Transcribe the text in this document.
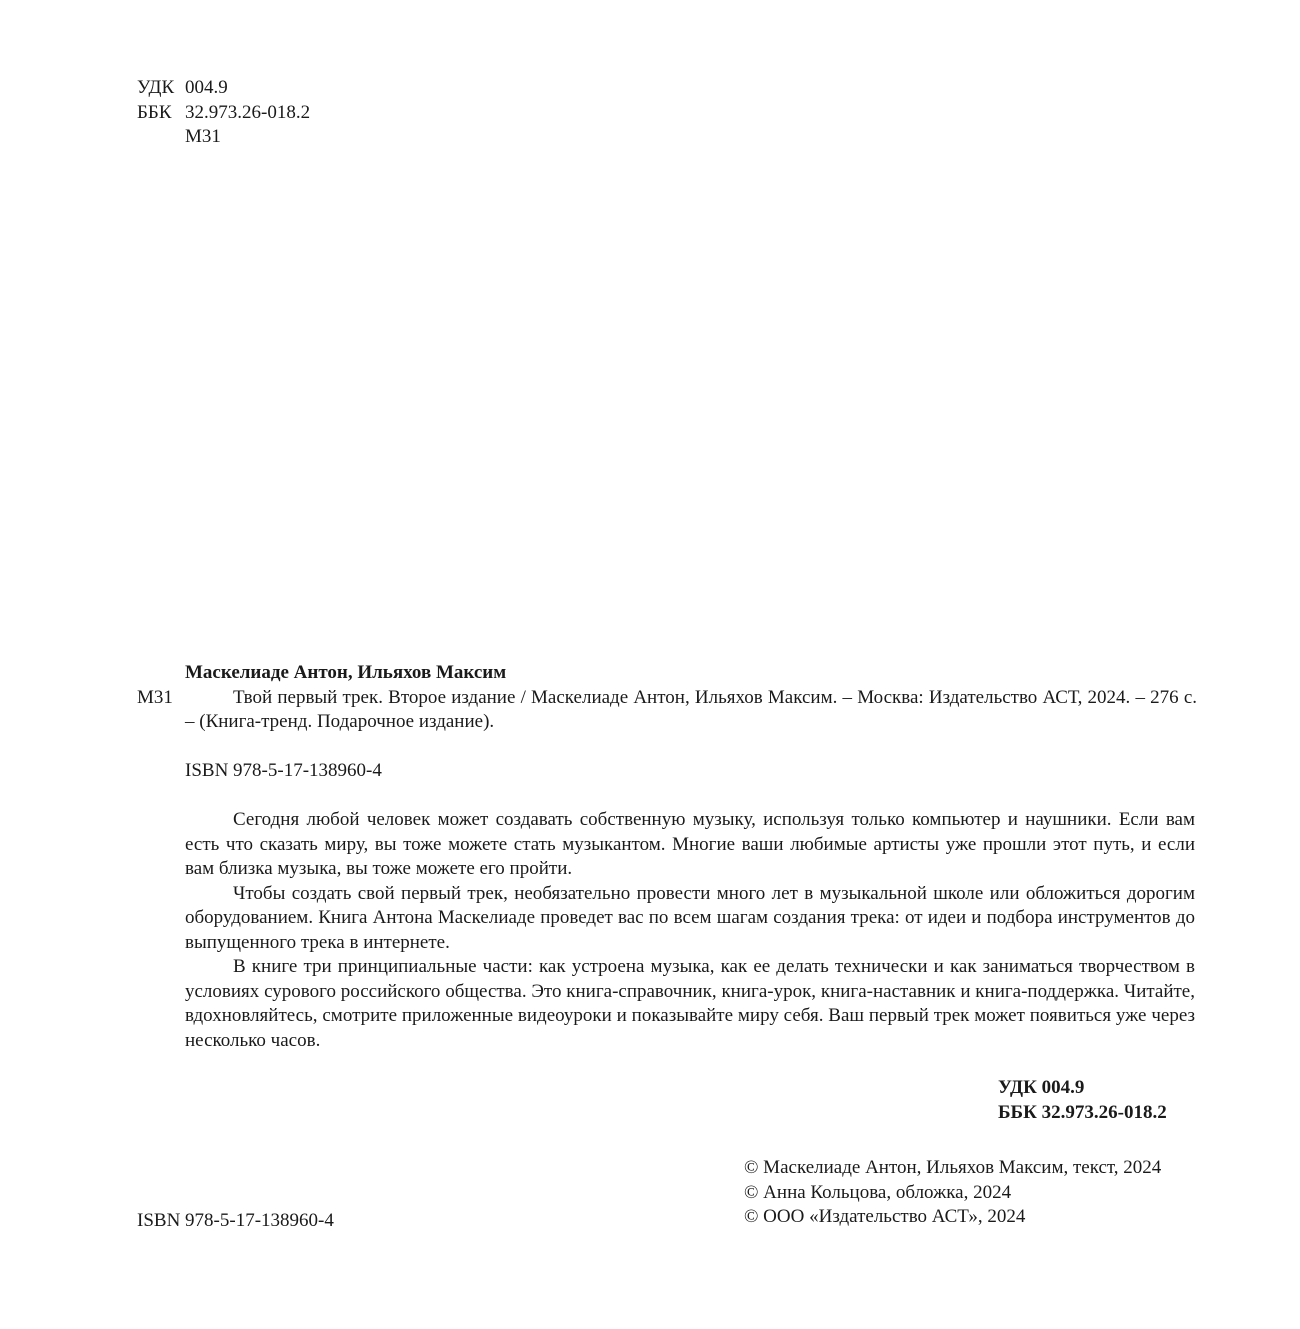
УДК 004.9
ББК 32.973.26-018.2
М31
Маскелиаде Антон, Ильяхов Максим
М31	Твой первый трек. Второе издание / Маскелиаде Антон, Ильяхов Максим. – Москва: Издательство АСТ, 2024. – 276 с. – (Книга-тренд. Подарочное издание).
ISBN 978-5-17-138960-4

Сегодня любой человек может создавать собственную музыку, используя только компьютер и наушники. Если вам есть что сказать миру, вы тоже можете стать музыкантом. Многие ваши любимые артисты уже прошли этот путь, и если вам близка музыка, вы тоже можете его пройти.

Чтобы создать свой первый трек, необязательно провести много лет в музыкальной школе или обложиться дорогим оборудованием. Книга Антона Маскелиаде проведет вас по всем шагам создания трека: от идеи и подбора инструментов до выпущенного трека в интернете.

В книге три принципиальные части: как устроена музыка, как ее делать технически и как заниматься творчеством в условиях сурового российского общества. Это книга-справочник, книга-урок, книга-наставник и книга-поддержка. Читайте, вдохновляйтесь, смотрите приложенные видеоуроки и показывайте миру себя. Ваш первый трек может появиться уже через несколько часов.

УДК 004.9
ББК 32.973.26-018.2
© Маскелиаде Антон, Ильяхов Максим, текст, 2024
© Анна Кольцова, обложка, 2024
© ООО «Издательство АСТ», 2024
ISBN 978-5-17-138960-4
